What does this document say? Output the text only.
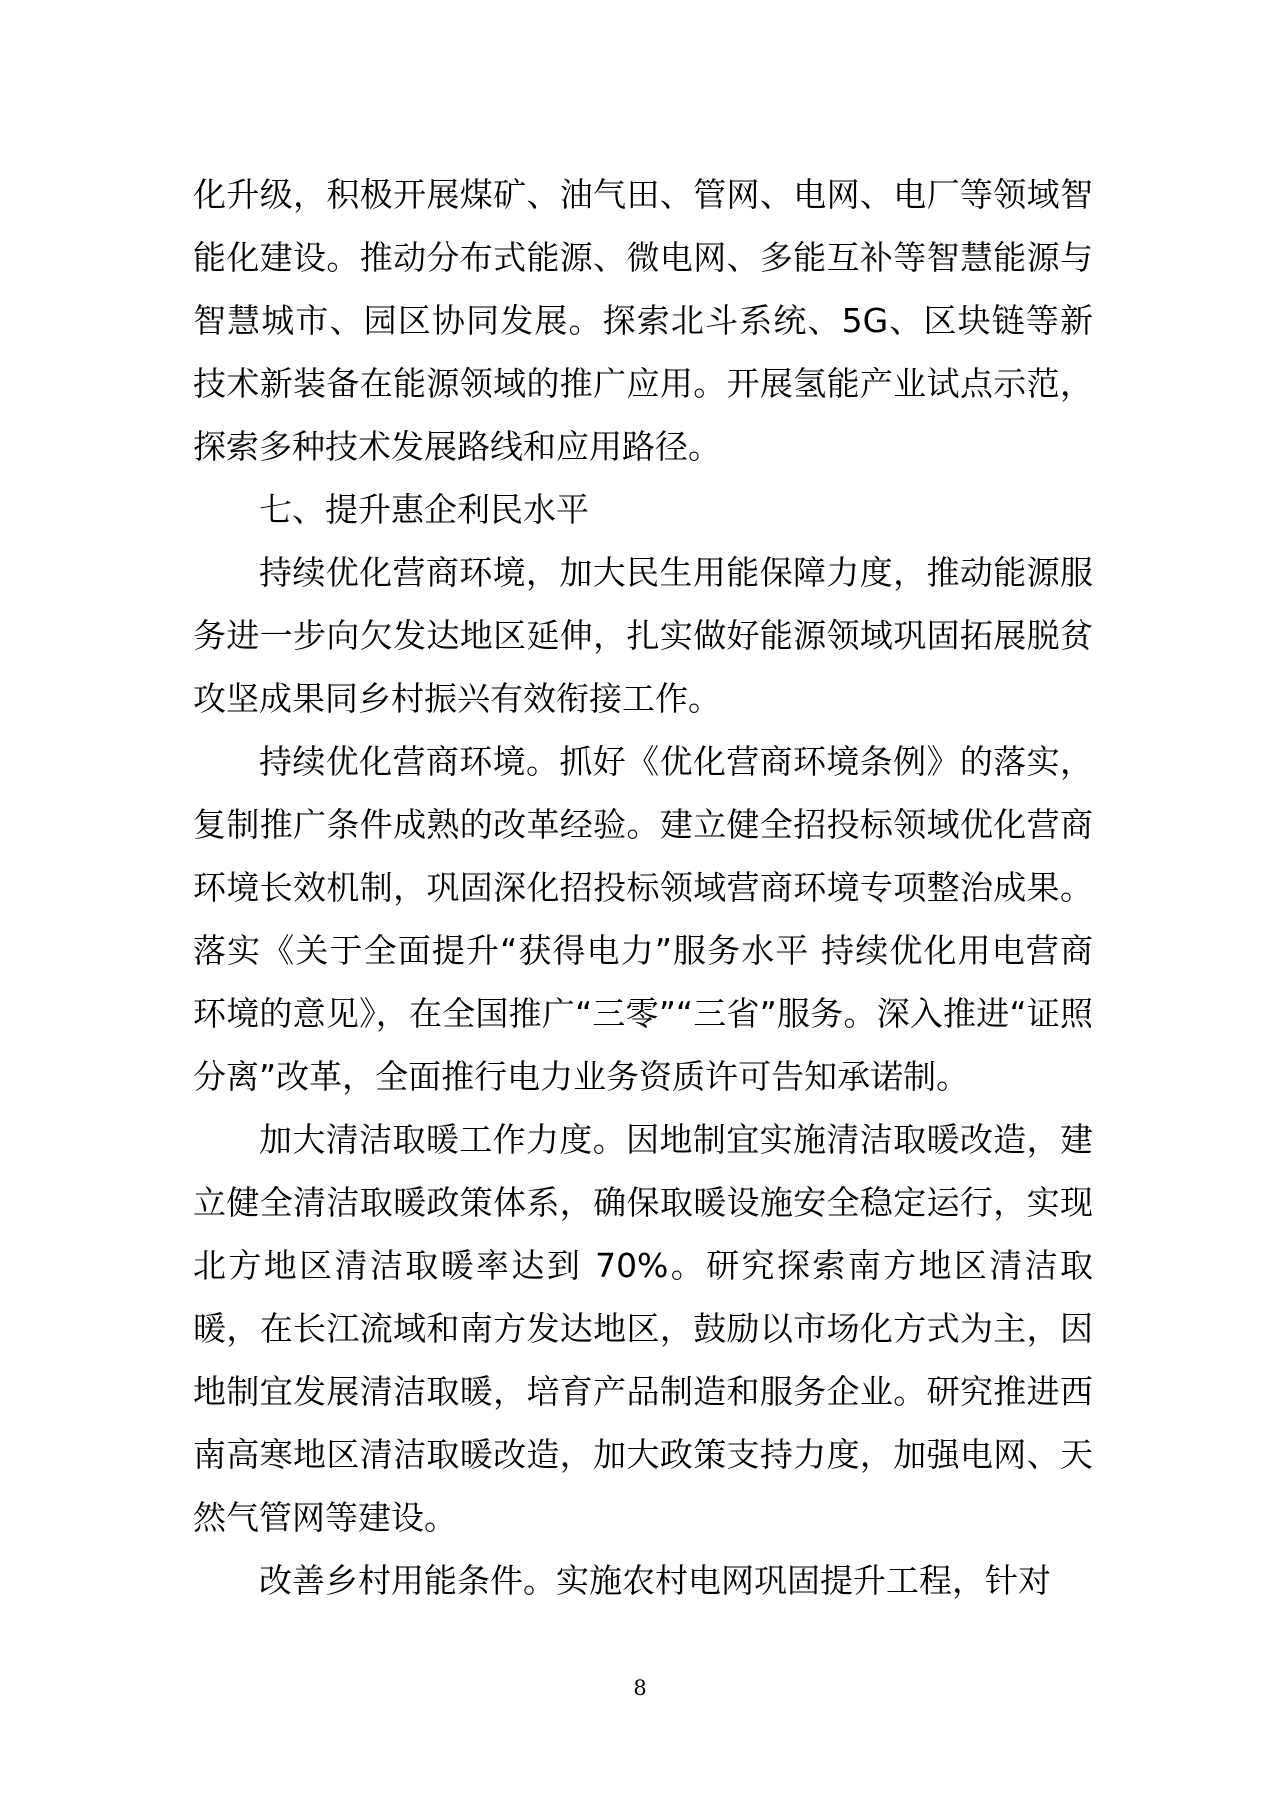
化升级，积极开展煤矿、油气田、管网、电网、电厂等领域智能化建设。推动分布式能源、微电网、多能互补等智慧能源与智慧城市、园区协同发展。探索北斗系统、5G、区块链等新技术新装备在能源领域的推广应用。开展氢能产业试点示范，探索多种技术发展路线和应用路径。

七、提升惠企利民水平

持续优化营商环境，加大民生用能保障力度，推动能源服务进一步向欠发达地区延伸，扎实做好能源领域巩固拓展脱贫攻坚成果同乡村振兴有效衔接工作。

持续优化营商环境。抓好《优化营商环境条例》的落实，复制推广条件成熟的改革经验。建立健全招投标领域优化营商环境长效机制，巩固深化招投标领域营商环境专项整治成果。落实《关于全面提升“获得电力”服务水平 持续优化用电营商环境的意见》，在全国推广“三零”“三省”服务。深入推进“证照分离”改革，全面推行电力业务资质许可告知承诺制。

加大清洁取暖工作力度。因地制宜实施清洁取暖改造，建立健全清洁取暖政策体系，确保取暖设施安全稳定运行，实现北方地区清洁取暖率达到 70%。研究探索南方地区清洁取暖，在长江流域和南方发达地区，鼓励以市场化方式为主，因地制宜发展清洁取暖，培育产品制造和服务企业。研究推进西南高寒地区清洁取暖改造，加大政策支持力度，加强电网、天然气管网等建设。

改善乡村用能条件。实施农村电网巩固提升工程，针对

8
